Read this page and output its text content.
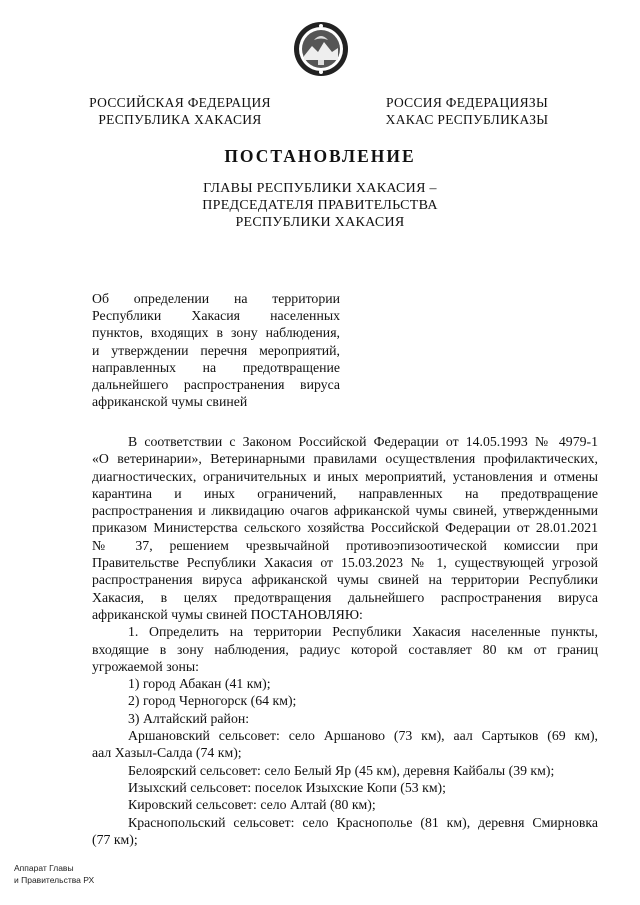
РОССИЙСКАЯ ФЕДЕРАЦИЯ
РЕСПУБЛИКА ХАКАСИЯ
РОССИЯ ФЕДЕРАЦИЯЗЫ
ХАКАС РЕСПУБЛИКАЗЫ
ПОСТАНОВЛЕНИЕ
ГЛАВЫ РЕСПУБЛИКИ ХАКАСИЯ –
ПРЕДСЕДАТЕЛЯ ПРАВИТЕЛЬСТВА
РЕСПУБЛИКИ ХАКАСИЯ
Об определении на территории
Республики Хакасия населенных
пунктов, входящих в зону наблюдения,
и утверждении перечня мероприятий,
направленных на предотвращение
дальнейшего распространения вируса
африканской чумы свиней
В соответствии с Законом Российской Федерации от 14.05.1993 № 4979-1
«О ветеринарии», Ветеринарными правилами осуществления профилактических,
диагностических, ограничительных и иных мероприятий, установления и отмены
карантина и иных ограничений, направленных на предотвращение
распространения и ликвидацию очагов африканской чумы свиней, утвержденными
приказом Министерства сельского хозяйства Российской Федерации от 28.01.2021
№ 37, решением чрезвычайной противоэпизоотической комиссии при
Правительстве Республики Хакасия от 15.03.2023 № 1, существующей угрозой
распространения вируса африканской чумы свиней на территории Республики
Хакасия, в целях предотвращения дальнейшего распространения вируса
африканской чумы свиней ПОСТАНОВЛЯЮ:
1. Определить на территории Республики Хакасия населенные пункты,
входящие в зону наблюдения, радиус которой составляет 80 км от границ
угрожаемой зоны:
1) город Абакан (41 км);
2) город Черногорск (64 км);
3) Алтайский район:
Аршановский сельсовет: село Аршаново (73 км), аал Сартыков (69 км),
аал Хазыл-Салда (74 км);
Белоярский сельсовет: село Белый Яр (45 км), деревня Кайбалы (39 км);
Изыхский сельсовет: поселок Изыхские Копи (53 км);
Кировский сельсовет: село Алтай (80 км);
Краснопольский сельсовет: село Краснополье (81 км), деревня Смирновка
(77 км);
Аппарат Главы
и Правительства РХ
